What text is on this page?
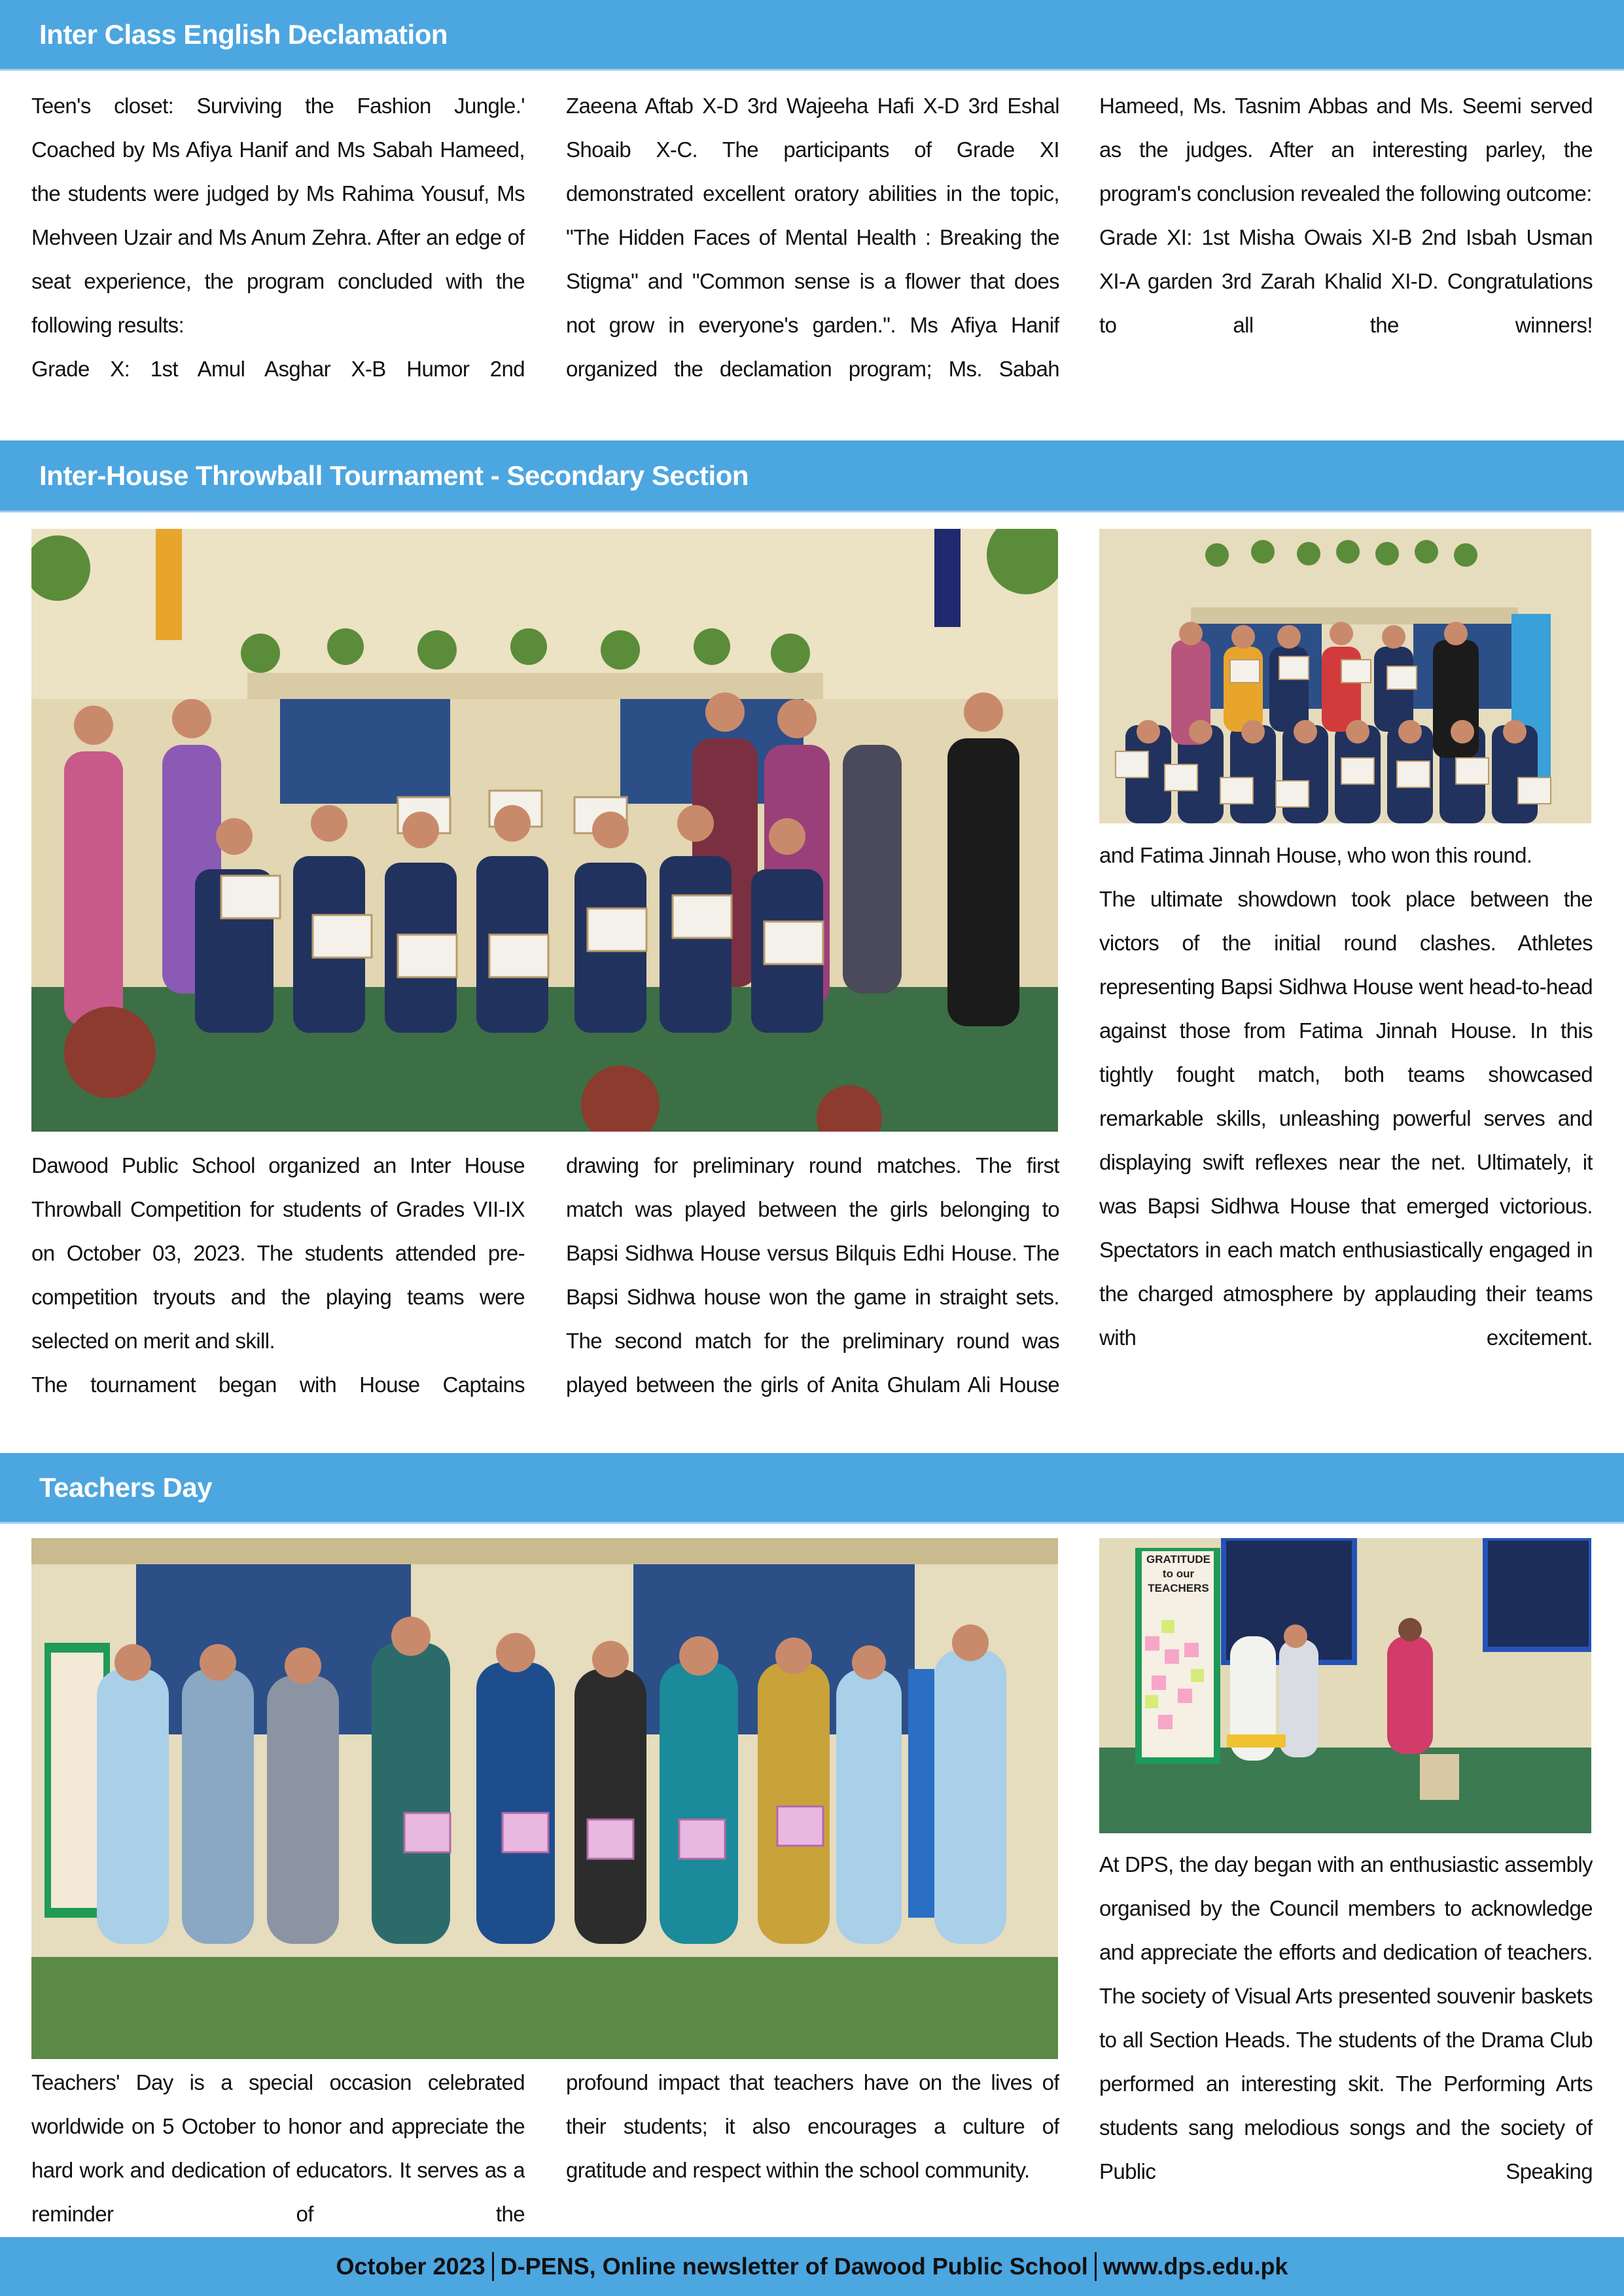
Inter Class English Declamation

Teen's closet: Surviving the Fashion Jungle.' Coached by Ms Afiya Hanif and Ms Sabah Hameed, the students were judged by Ms Rahima Yousuf, Ms Mehveen Uzair and Ms Anum Zehra. After an edge of seat experience, the program concluded with the following results:

Grade X: 1st Amul Asghar X-B Humor 2nd

Zaeena Aftab X-D 3rd Wajeeha Hafi X-D 3rd Eshal Shoaib X-C. The participants of Grade XI demonstrated excellent oratory abilities in the topic, "The Hidden Faces of Mental Health : Breaking the Stigma" and "Common sense is a flower that does not grow in everyone's garden.". Ms Afiya Hanif organized the declamation program; Ms. Sabah

Hameed, Ms. Tasnim Abbas and Ms. Seemi served as the judges. After an interesting parley, the program's conclusion revealed the following outcome:

Grade XI: 1st Misha Owais XI-B 2nd Isbah Usman XI-A garden 3rd Zarah Khalid XI-D. Congratulations to all the winners!

Inter-House Throwball Tournament - Secondary Section

Dawood Public School organized an Inter House Throwball Competition for students of Grades VII-IX on October 03, 2023. The students attended pre-competition tryouts and the playing teams were selected on merit and skill.

The tournament began with House Captains

drawing for preliminary round matches. The first match was played between the girls belonging to Bapsi Sidhwa House versus Bilquis Edhi House. The Bapsi Sidhwa house won the game in straight sets. The second match for the preliminary round was played between the girls of Anita Ghulam Ali House

and Fatima Jinnah House, who won this round.

The ultimate showdown took place between the victors of the initial round clashes. Athletes representing Bapsi Sidhwa House went head-to-head against those from Fatima Jinnah House. In this tightly fought match, both teams showcased remarkable skills, unleashing powerful serves and displaying swift reflexes near the net. Ultimately, it was Bapsi Sidhwa House that emerged victorious. Spectators in each match enthusiastically engaged in the charged atmosphere by applauding their teams with excitement.

Teachers Day
GRATITUDE to our TEACHERS

Teachers' Day is a special occasion celebrated worldwide on 5 October to honor and appreciate the hard work and dedication of educators. It serves as a reminder of the

profound impact that teachers have on the lives of their students; it also encourages a culture of gratitude and respect within the school community.

At DPS, the day began with an enthusiastic assembly organised by the Council members to acknowledge and appreciate the efforts and dedication of teachers. The society of Visual Arts presented souvenir baskets to all Section Heads. The students of the Drama Club performed an interesting skit. The Performing Arts students sang melodious songs and the society of Public Speaking

October 2023 D-PENS, Online newsletter of Dawood Public School www.dps.edu.pk
